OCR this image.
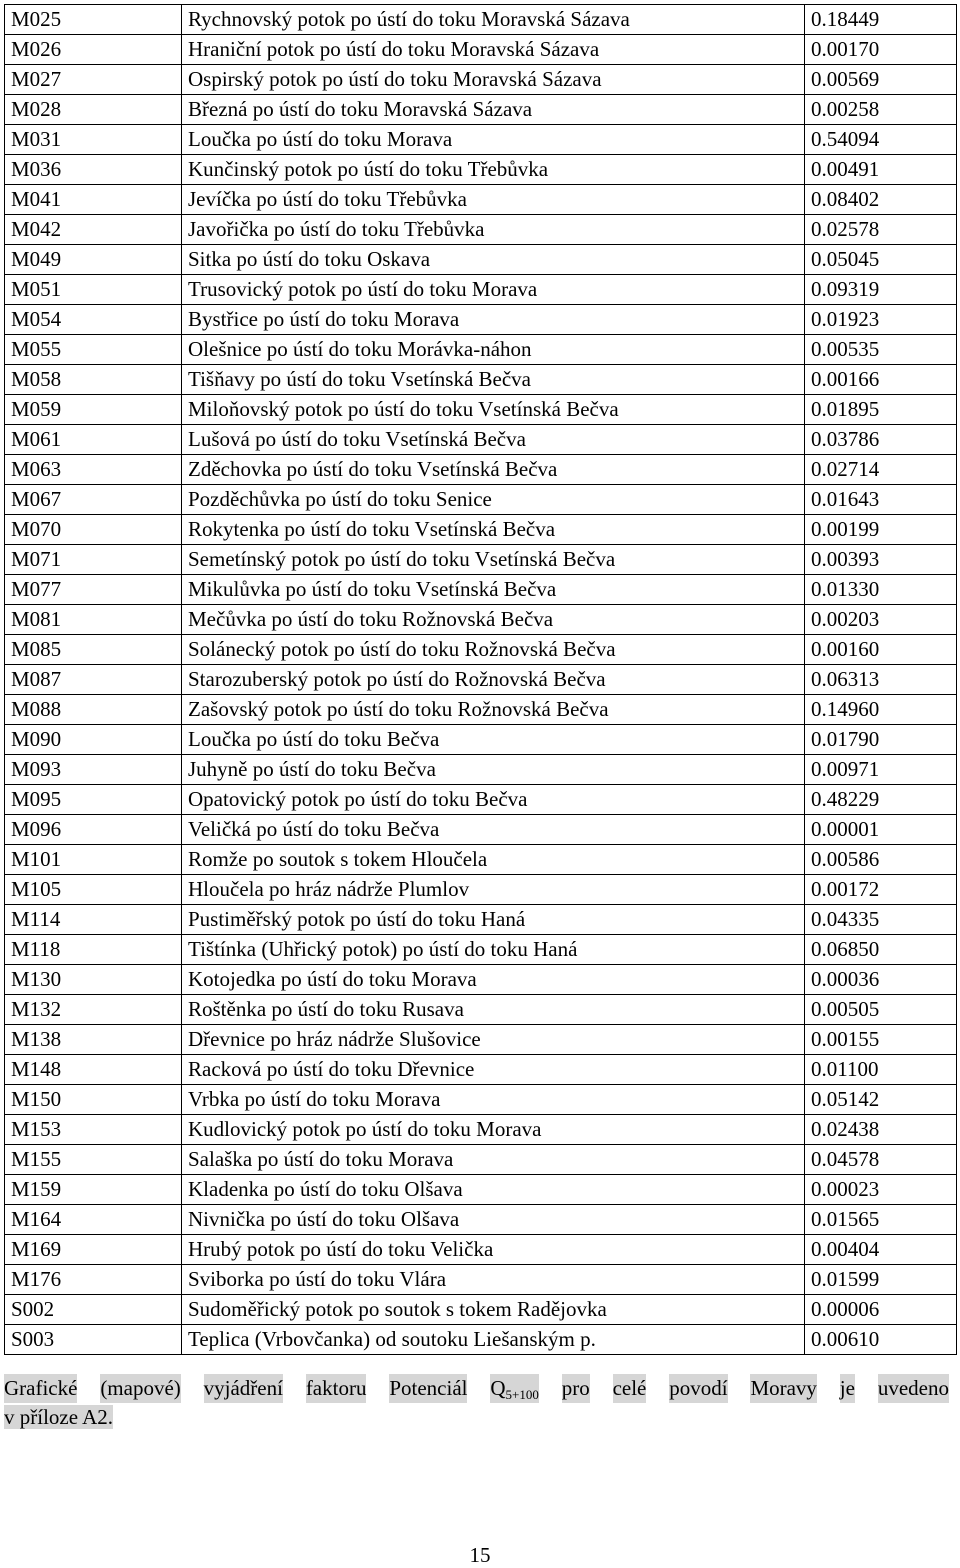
M025	Rychnovský potok po ústí do toku Moravská Sázava	0.18449
M026	Hraniční potok po ústí do toku Moravská Sázava	0.00170
M027	Ospirský potok po ústí do toku Moravská Sázava	0.00569
M028	Březná po ústí do toku Moravská Sázava	0.00258
M031	Loučka po ústí do toku Morava	0.54094
M036	Kunčinský potok po ústí do toku Třebůvka	0.00491
M041	Jevíčka po ústí do toku Třebůvka	0.08402
M042	Javořička po ústí do toku Třebůvka	0.02578
M049	Sitka po ústí do toku Oskava	0.05045
M051	Trusovický potok po ústí do toku Morava	0.09319
M054	Bystřice po ústí do toku Morava	0.01923
M055	Olešnice po ústí do toku Morávka-náhon	0.00535
M058	Tišňavy po ústí do toku Vsetínská Bečva	0.00166
M059	Miloňovský potok po ústí do toku Vsetínská Bečva	0.01895
M061	Lušová po ústí do toku Vsetínská Bečva	0.03786
M063	Zděchovka po ústí do toku Vsetínská Bečva	0.02714
M067	Pozděchůvka po ústí do toku Senice	0.01643
M070	Rokytenka po ústí do toku Vsetínská Bečva	0.00199
M071	Semetínský potok po ústí do toku Vsetínská Bečva	0.00393
M077	Mikulůvka po ústí do toku Vsetínská Bečva	0.01330
M081	Mečůvka po ústí do toku Rožnovská Bečva	0.00203
M085	Solánecký potok po ústí do toku Rožnovská Bečva	0.00160
M087	Starozuberský potok po ústí do Rožnovská Bečva	0.06313
M088	Zašovský potok po ústí do toku Rožnovská Bečva	0.14960
M090	Loučka po ústí do toku Bečva	0.01790
M093	Juhyně po ústí do toku Bečva	0.00971
M095	Opatovický potok po ústí do toku Bečva	0.48229
M096	Veličká po ústí do toku Bečva	0.00001
M101	Romže po soutok s tokem Hloučela	0.00586
M105	Hloučela po hráz nádrže Plumlov	0.00172
M114	Pustiměřský potok po ústí do toku Haná	0.04335
M118	Tištínka (Uhřický potok) po ústí do toku Haná	0.06850
M130	Kotojedka po ústí do toku Morava	0.00036
M132	Roštěnka po ústí do toku Rusava	0.00505
M138	Dřevnice po hráz nádrže Slušovice	0.00155
M148	Racková po ústí do toku Dřevnice	0.01100
M150	Vrbka po ústí do toku Morava	0.05142
M153	Kudlovický potok po ústí do toku Morava	0.02438
M155	Salaška po ústí do toku Morava	0.04578
M159	Kladenka po ústí do toku Olšava	0.00023
M164	Nivnička po ústí do toku Olšava	0.01565
M169	Hrubý potok po ústí do toku Velička	0.00404
M176	Sviborka po ústí do toku Vlára	0.01599
S002	Sudoměřický potok po soutok s tokem Radějovka	0.00006
S003	Teplica (Vrbovčanka) od soutoku Liešanským p.	0.00610
Grafické (mapové) vyjádření faktoru Potenciál $Q_{5+100}$ pro celé povodí Moravy je uvedeno
v příloze A2.
15
